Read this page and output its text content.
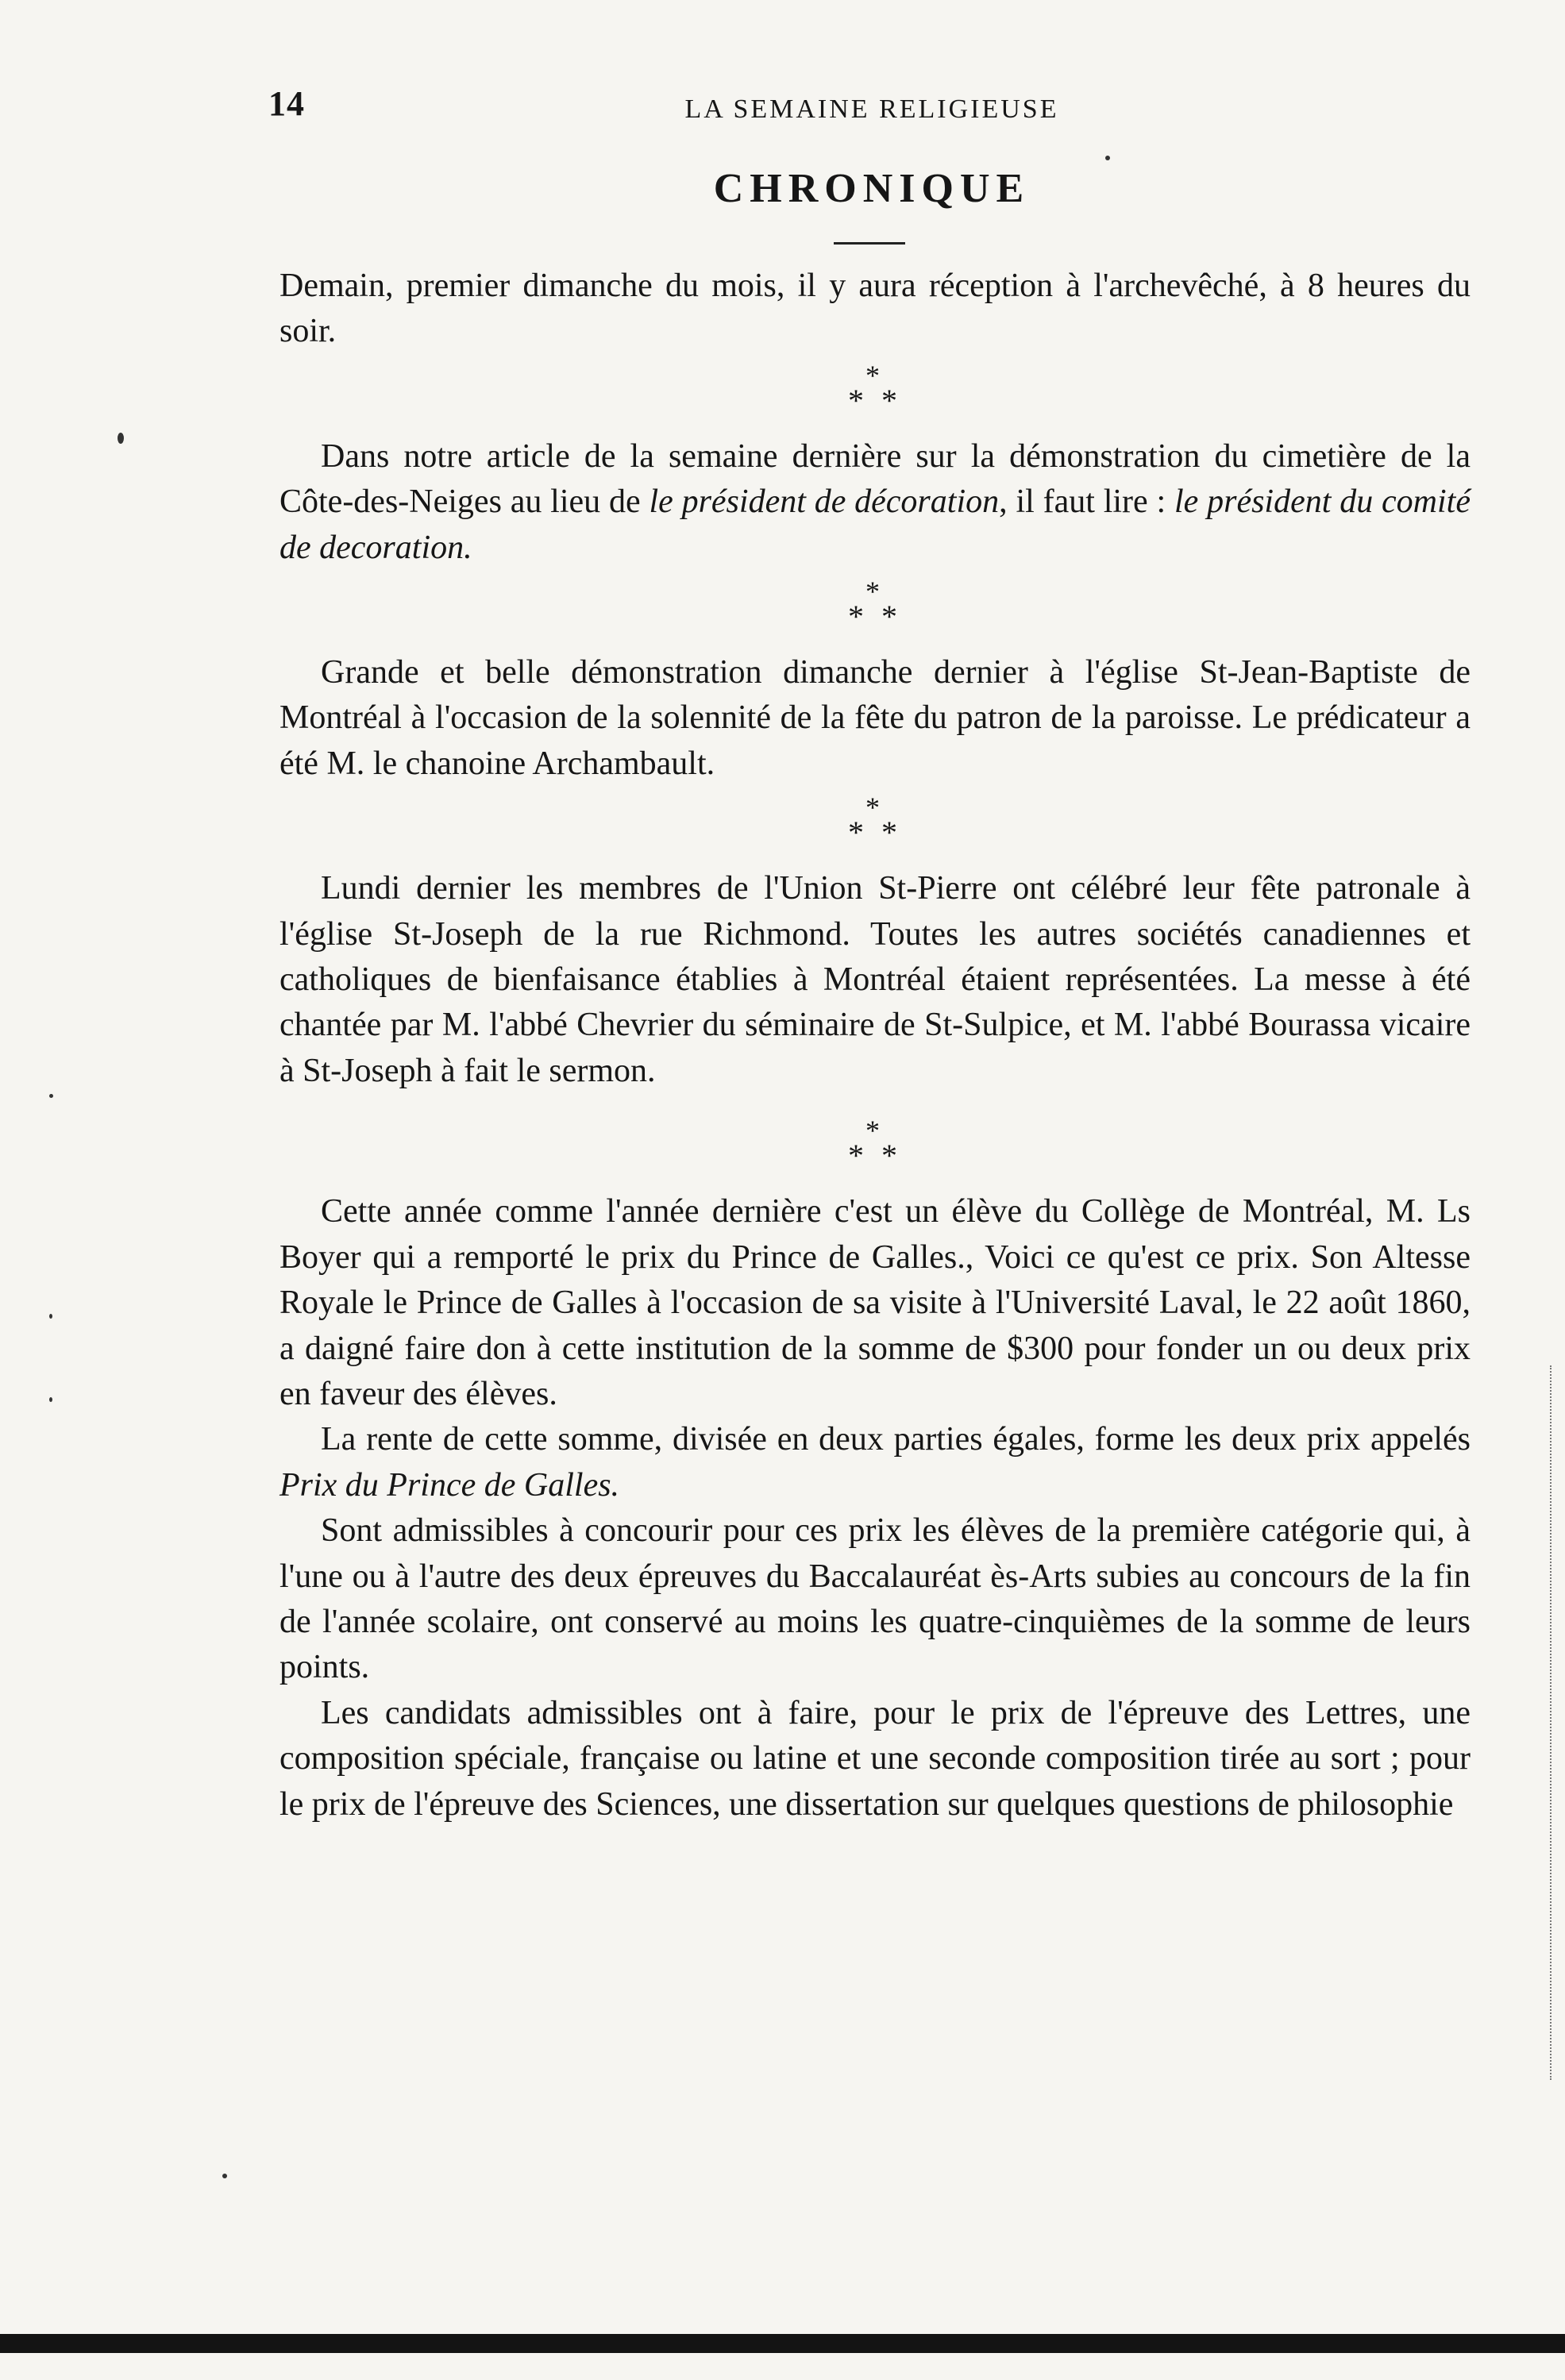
14	LA SEMAINE RELIGIEUSE
CHRONIQUE

Demain, premier dimanche du mois, il y aura réception à l'archevêché, à 8 heures du soir.

*
* *

Dans notre article de la semaine dernière sur la démonstration du cimetière de la Côte-des-Neiges au lieu de le président de décoration, il faut lire : le président du comité de decoration.

*
* *

Grande et belle démonstration dimanche dernier à l'église St-Jean-Baptiste de Montréal à l'occasion de la solennité de la fête du patron de la paroisse. Le prédicateur a été M. le chanoine Archambault.

*
* *

Lundi dernier les membres de l'Union St-Pierre ont célébré leur fête patronale à l'église St-Joseph de la rue Richmond. Toutes les autres sociétés canadiennes et catholiques de bienfaisance établies à Montréal étaient représentées. La messe à été chantée par M. l'abbé Chevrier du séminaire de St-Sulpice, et M. l'abbé Bourassa vicaire à St-Joseph à fait le sermon.

*
* *

Cette année comme l'année dernière c'est un élève du Collège de Montréal, M. Ls Boyer qui a remporté le prix du Prince de Galles., Voici ce qu'est ce prix. Son Altesse Royale le Prince de Galles à l'occasion de sa visite à l'Université Laval, le 22 août 1860, a daigné faire don à cette institution de la somme de $300 pour fonder un ou deux prix en faveur des élèves.

La rente de cette somme, divisée en deux parties égales, forme les deux prix appelés Prix du Prince de Galles.

Sont admissibles à concourir pour ces prix les élèves de la première catégorie qui, à l'une ou à l'autre des deux épreuves du Baccalauréat ès-Arts subies au concours de la fin de l'année scolaire, ont conservé au moins les quatre-cinquièmes de la somme de leurs points.

Les candidats admissibles ont à faire, pour le prix de l'épreuve des Lettres, une composition spéciale, française ou latine et une seconde composition tirée au sort ; pour le prix de l'épreuve des Sciences, une dissertation sur quelques questions de philosophie
